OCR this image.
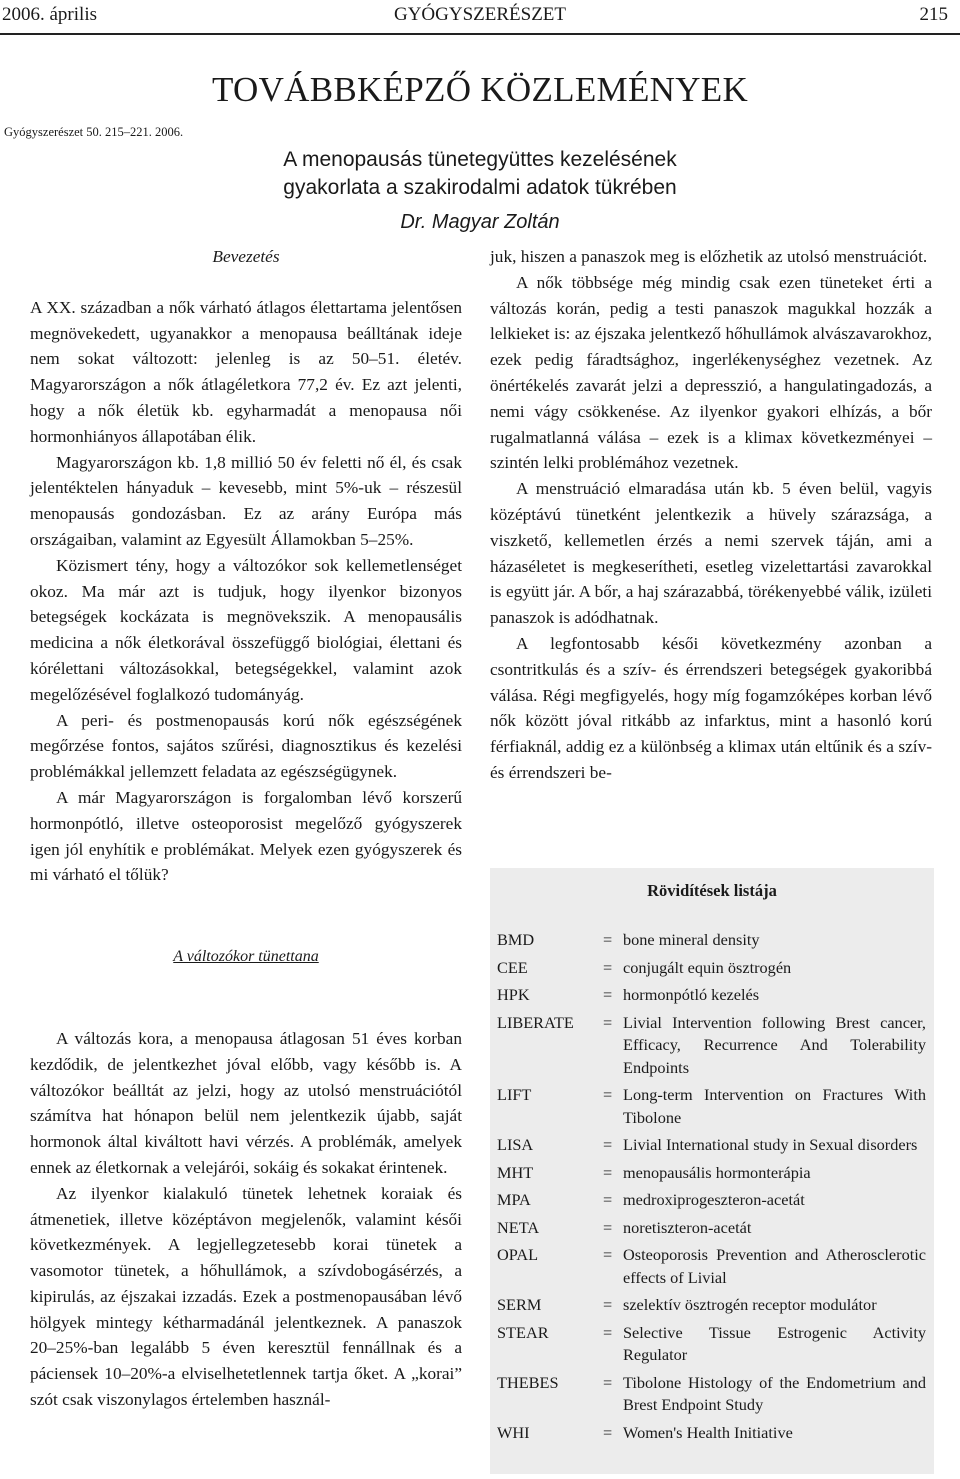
2006. április	GYÓGYSZERÉSZET	215
TOVÁBBKÉPZŐ KÖZLEMÉNYEK
Gyógyszerészet 50. 215–221. 2006.
A menopausás tünetegyüttes kezelésének
gyakorlata a szakirodalmi adatok tükrében
Dr. Magyar Zoltán
Bevezetés

A XX. században a nők várható átlagos élettartama jelentősen megnövekedett, ugyanakkor a menopausa beálltának ideje nem sokat változott: jelenleg is az 50–51. életév. Magyarországon a nők átlagéletkora 77,2 év. Ez azt jelenti, hogy a nők életük kb. egyharmadát a menopausa női hormonhiányos állapotában élik.

Magyarországon kb. 1,8 millió 50 év feletti nő él, és csak jelentéktelen hányaduk – kevesebb, mint 5%-uk – részesül menopausás gondozásban. Ez az arány Európa más országaiban, valamint az Egyesült Államokban 5–25%.

Közismert tény, hogy a változókor sok kellemetlenséget okoz. Ma már azt is tudjuk, hogy ilyenkor bizonyos betegségek kockázata is megnövekszik. A menopausális medicina a nők életkorával összefüggő biológiai, élettani és kórélettani változásokkal, betegségekkel, valamint azok megelőzésével foglalkozó tudományág.

A peri- és postmenopausás korú nők egészségének megőrzése fontos, sajátos szűrési, diagnosztikus és kezelési problémákkal jellemzett feladata az egészségügynek.

A már Magyarországon is forgalomban lévő korszerű hormonpótló, illetve osteoporosist megelőző gyógyszerek igen jól enyhítik e problémákat. Melyek ezen gyógyszerek és mi várható el tőlük?

A változókor tünettana

A változás kora, a menopausa átlagosan 51 éves korban kezdődik, de jelentkezhet jóval előbb, vagy később is. A változókor beálltát az jelzi, hogy az utolsó menstruációtól számítva hat hónapon belül nem jelentkezik újabb, saját hormonok által kiváltott havi vérzés. A problémák, amelyek ennek az életkornak a velejárói, sokáig és sokakat érintenek.

Az ilyenkor kialakuló tünetek lehetnek koraiak és átmenetiek, illetve középtávon megjelenők, valamint késői következmények. A legjellegzetesebb korai tünetek a vasomotor tünetek, a hőhullámok, a szívdobogásérzés, a kipirulás, az éjszakai izzadás. Ezek a postmenopausában lévő hölgyek mintegy kétharmadánál jelentkeznek. A panaszok 20–25%-ban legalább 5 éven keresztül fennállnak és a páciensek 10–20%-a elviselhetetlennek tartja őket. A „korai” szót csak viszonylagos értelemben használ-

juk, hiszen a panaszok meg is előzhetik az utolsó menstruációt.

A nők többsége még mindig csak ezen tüneteket érti a változás korán, pedig a testi panaszok magukkal hozzák a lelkieket is: az éjszaka jelentkező hőhullámok alvászavarokhoz, ezek pedig fáradtsághoz, ingerlékenységhez vezetnek. Az önértékelés zavarát jelzi a depresszió, a hangulatingadozás, a nemi vágy csökkenése. Az ilyenkor gyakori elhízás, a bőr rugalmatlanná válása – ezek is a klimax következményei – szintén lelki problémához vezetnek.

A menstruáció elmaradása után kb. 5 éven belül, vagyis középtávú tünetként jelentkezik a hüvely szárazsága, a viszkető, kellemetlen érzés a nemi szervek táján, ami a házaséletet is megkeserítheti, esetleg vizelettartási zavarokkal is együtt jár. A bőr, a haj szárazabbá, törékenyebbé válik, izületi panaszok is adódhatnak.

A legfontosabb késői következmény azonban a csontritkulás és a szív- és érrendszeri betegségek gyakoribbá válása. Régi megfigyelés, hogy míg fogamzóképes korban lévő nők között jóval ritkább az infarktus, mint a hasonló korú férfiaknál, addig ez a különbség a klimax után eltűnik és a szív- és érrendszeri be-

Rövidítések listája
BMD	= bone mineral density
CEE	= conjugált equin ösztrogén
HPK	= hormonpótló kezelés
LIBERATE	= Livial Intervention following Brest cancer, Efficacy, Recurrence And Tolerability Endpoints
LIFT	= Long-term Intervention on Fractures With Tibolone
LISA	= Livial International study in Sexual disorders
MHT	= menopausális hormonterápia
MPA	= medroxiprogeszteron-acetát
NETA	= noretiszteron-acetát
OPAL	= Osteoporosis Prevention and Atherosclerotic effects of Livial
SERM	= szelektív ösztrogén receptor modulátor
STEAR	= Selective Tissue Estrogenic Activity Regulator
THEBES	= Tibolone Histology of the Endometrium and Brest Endpoint Study
WHI	= Women's Health Initiative
